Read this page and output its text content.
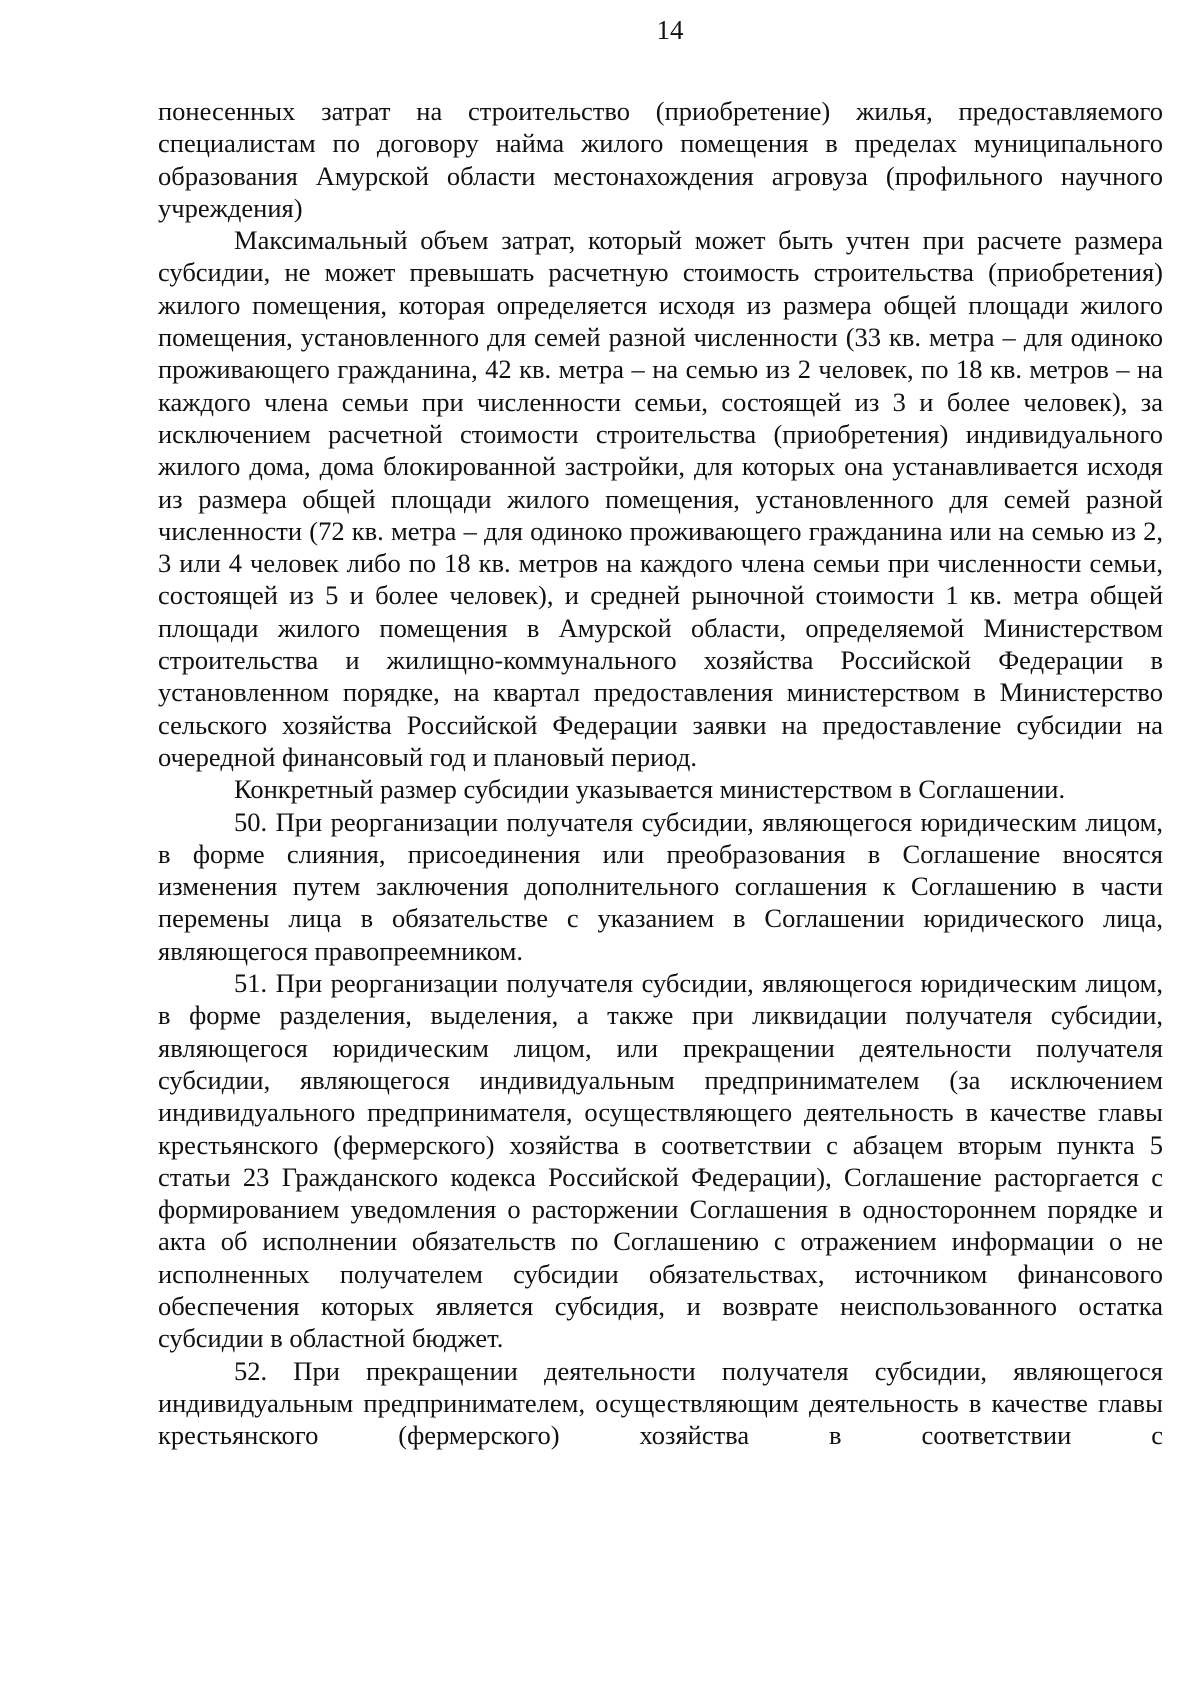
14

понесенных затрат на строительство (приобретение) жилья, предоставляемого специалистам по договору найма жилого помещения в пределах муниципального образования Амурской области местонахождения агровуза (профильного научного учреждения)

Максимальный объем затрат, который может быть учтен при расчете размера субсидии, не может превышать расчетную стоимость строительства (приобретения) жилого помещения, которая определяется исходя из размера общей площади жилого помещения, установленного для семей разной численности (33 кв. метра – для одиноко проживающего гражданина, 42 кв. метра – на семью из 2 человек, по 18 кв. метров – на каждого члена семьи при численности семьи, состоящей из 3 и более человек), за исключением расчетной стоимости строительства (приобретения) индивидуального жилого дома, дома блокированной застройки, для которых она устанавливается исходя из размера общей площади жилого помещения, установленного для семей разной численности (72 кв. метра – для одиноко проживающего гражданина или на семью из 2, 3 или 4 человек либо по 18 кв. метров на каждого члена семьи при численности семьи, состоящей из 5 и более человек), и средней рыночной стоимости 1 кв. метра общей площади жилого помещения в Амурской области, определяемой Министерством строительства и жилищно-коммунального хозяйства Российской Федерации в установленном порядке, на квартал предоставления министерством в Министерство сельского хозяйства Российской Федерации заявки на предоставление субсидии на очередной финансовый год и плановый период.

Конкретный размер субсидии указывается министерством в Соглашении.

50. При реорганизации получателя субсидии, являющегося юридическим лицом, в форме слияния, присоединения или преобразования в Соглашение вносятся изменения путем заключения дополнительного соглашения к Соглашению в части перемены лица в обязательстве с указанием в Соглашении юридического лица, являющегося правопреемником.

51. При реорганизации получателя субсидии, являющегося юридическим лицом, в форме разделения, выделения, а также при ликвидации получателя субсидии, являющегося юридическим лицом, или прекращении деятельности получателя субсидии, являющегося индивидуальным предпринимателем (за исключением индивидуального предпринимателя, осуществляющего деятельность в качестве главы крестьянского (фермерского) хозяйства в соответствии с абзацем вторым пункта 5 статьи 23 Гражданского кодекса Российской Федерации), Соглашение расторгается с формированием уведомления о расторжении Соглашения в одностороннем порядке и акта об исполнении обязательств по Соглашению с отражением информации о не исполненных получателем субсидии обязательствах, источником финансового обеспечения которых является субсидия, и возврате неиспользованного остатка субсидии в областной бюджет.

52. При прекращении деятельности получателя субсидии, являющегося индивидуальным предпринимателем, осуществляющим деятельность в качестве главы крестьянского (фермерского) хозяйства в соответствии с
